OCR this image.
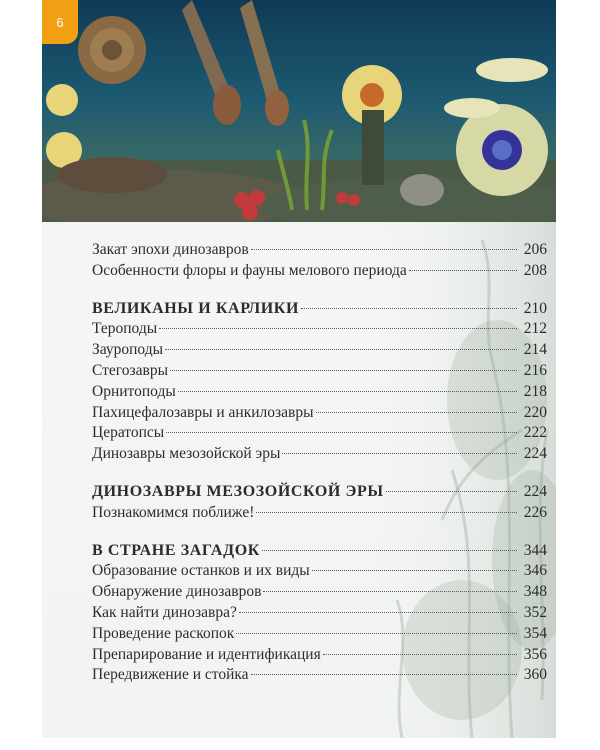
6
Закат эпохи динозавров	206
Особенности флоры и фауны мелового периода	208
ВЕЛИКАНЫ И КАРЛИКИ	210
Тероподы	212
Зауроподы	214
Стегозавры	216
Орнитоподы	218
Пахицефалозавры и анкилозавры	220
Цератопсы	222
Динозавры мезозойской эры	224
ДИНОЗАВРЫ МЕЗОЗОЙСКОЙ ЭРЫ	224
Познакомимся поближе!	226
В СТРАНЕ ЗАГАДОК	344
Образование останков и их виды	346
Обнаружение динозавров	348
Как найти динозавра?	352
Проведение раскопок	354
Препарирование и идентификация	356
Передвижение и стойка	360
